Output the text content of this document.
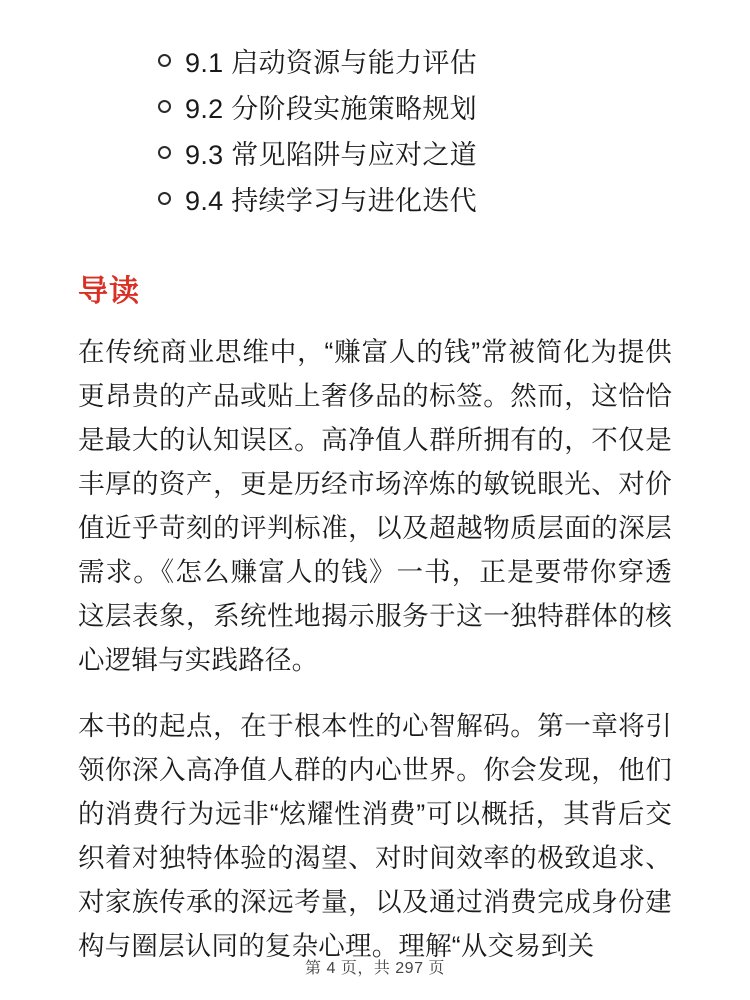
9.1 启动资源与能力评估
9.2 分阶段实施策略规划
9.3 常见陷阱与应对之道
9.4 持续学习与进化迭代
导读

在传统商业思维中，“赚富人的钱”常被简化为提供更昂贵的产品或贴上奢侈品的标签。然而，这恰恰是最大的认知误区。高净值人群所拥有的，不仅是丰厚的资产，更是历经市场淬炼的敏锐眼光、对价值近乎苛刻的评判标准，以及超越物质层面的深层需求。《怎么赚富人的钱》一书，正是要带你穿透这层表象，系统性地揭示服务于这一独特群体的核心逻辑与实践路径。

本书的起点，在于根本性的心智解码。第一章将引领你深入高净值人群的内心世界。你会发现，他们的消费行为远非“炫耀性消费”可以概括，其背后交织着对独特体验的渴望、对时间效率的极致追求、对家族传承的深远考量，以及通过消费完成身份建构与圈层认同的复杂心理。理解“从交易到关

第 4 页，共 297 页
